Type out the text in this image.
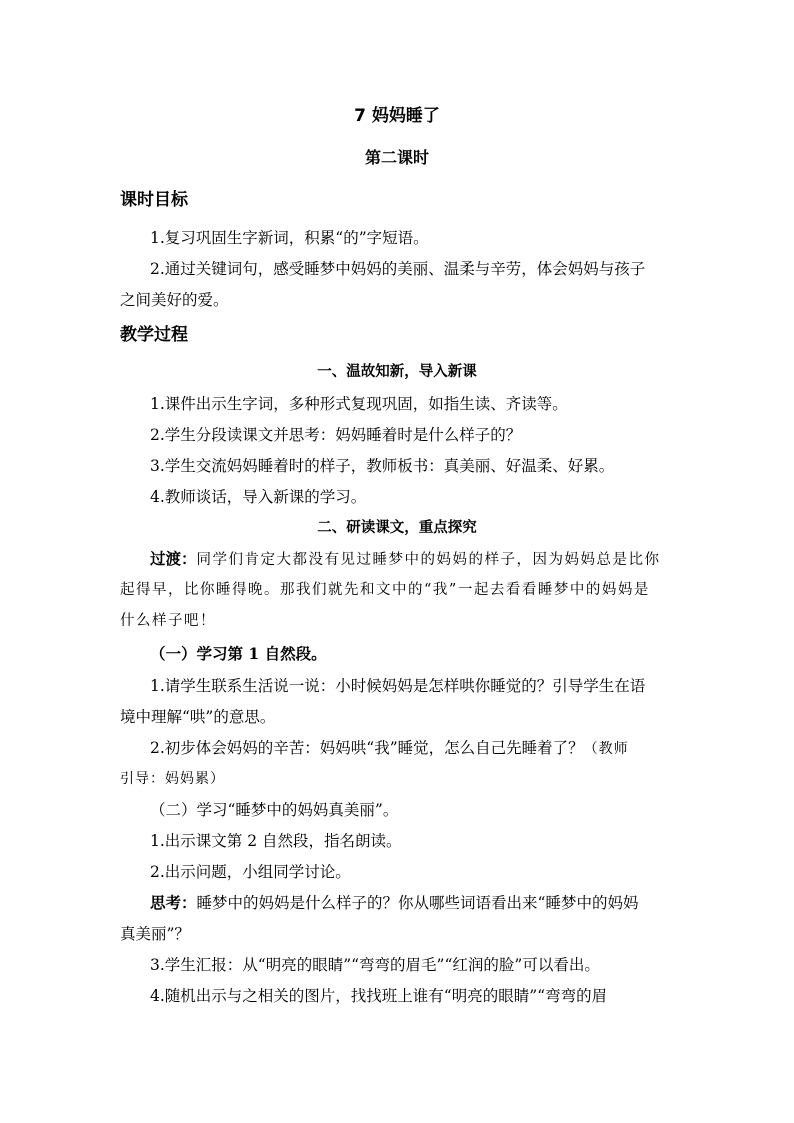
7 妈妈睡了
第二课时
课时目标
1.复习巩固生字新词，积累“的”字短语。
2.通过关键词句，感受睡梦中妈妈的美丽、温柔与辛劳，体会妈妈与孩子
之间美好的爱。
教学过程
一、温故知新，导入新课
1.课件出示生字词，多种形式复现巩固，如指生读、齐读等。
2.学生分段读课文并思考：妈妈睡着时是什么样子的？
3.学生交流妈妈睡着时的样子，教师板书：真美丽、好温柔、好累。
4.教师谈话，导入新课的学习。
二、研读课文，重点探究
过渡：同学们肯定大都没有见过睡梦中的妈妈的样子，因为妈妈总是比你
起得早，比你睡得晚。那我们就先和文中的“我”一起去看看睡梦中的妈妈是
什么样子吧！
（一）学习第 1 自然段。
1.请学生联系生活说一说：小时候妈妈是怎样哄你睡觉的？引导学生在语
境中理解“哄”的意思。
2.初步体会妈妈的辛苦：妈妈哄“我”睡觉，怎么自己先睡着了？（教师
引导：妈妈累）
（二）学习“睡梦中的妈妈真美丽”。
1.出示课文第 2 自然段，指名朗读。
2.出示问题，小组同学讨论。
思考：睡梦中的妈妈是什么样子的？你从哪些词语看出来“睡梦中的妈妈
真美丽”？
3.学生汇报：从“明亮的眼睛”“弯弯的眉毛”“红润的脸”可以看出。
4.随机出示与之相关的图片，找找班上谁有“明亮的眼睛”“弯弯的眉
